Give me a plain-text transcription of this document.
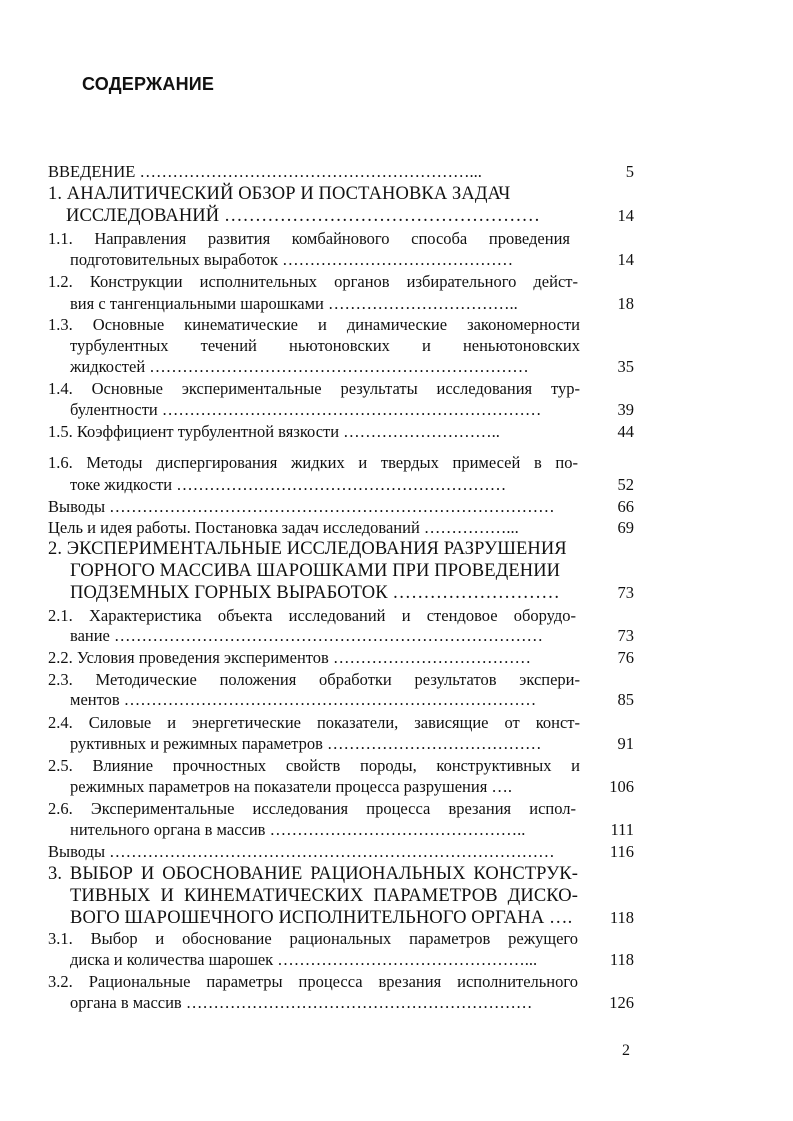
СОДЕРЖАНИЕ
ВВЕДЕНИЕ ……………………………………………………...	5
1. АНАЛИТИЧЕСКИЙ ОБЗОР И ПОСТАНОВКА ЗАДАЧ
ИССЛЕДОВАНИЙ ……………………………………………	14
1.1. Направления развития комбайнового способа проведения
подготовительных выработок ……………………………………	14
1.2. Конструкции исполнительных органов избирательного дейст-
вия с тангенциальными шарошками ……………………………..	18
1.3. Основные кинематические и динамические закономерности
турбулентных течений ньютоновских и неньютоновских
жидкостей ……………………………………………………………	35
1.4. Основные экспериментальные результаты исследования тур-
булентности ……………………………………………………………	39
1.5. Коэффициент турбулентной вязкости ………………………..	44
1.6. Методы диспергирования жидких и твердых примесей в по-
токе жидкости ……………………………………………………	52
Выводы ………………………………………………………………………	66
Цель и идея работы. Постановка задач исследований ……………...	69
2. ЭКСПЕРИМЕНТАЛЬНЫЕ ИССЛЕДОВАНИЯ РАЗРУШЕНИЯ
ГОРНОГО МАССИВА ШАРОШКАМИ ПРИ ПРОВЕДЕНИИ
ПОДЗЕМНЫХ ГОРНЫХ ВЫРАБОТОК ………………………	73
2.1. Характеристика объекта исследований и стендовое оборудо-
вание ……………………………………………………………………	73
2.2. Условия проведения экспериментов ………………………………	76
2.3. Методические положения обработки результатов экспери-
ментов …………………………………………………………………	85
2.4. Силовые и энергетические показатели, зависящие от конст-
руктивных и режимных параметров …………………………………	91
2.5. Влияние прочностных свойств породы, конструктивных и
режимных параметров на показатели процесса разрушения ….	106
2.6. Экспериментальные исследования процесса врезания испол-
нительного органа в массив ………………………………………..	111
Выводы ………………………………………………………………………	116
3. ВЫБОР И ОБОСНОВАНИЕ РАЦИОНАЛЬНЫХ КОНСТРУК-
ТИВНЫХ И КИНЕМАТИЧЕСКИХ ПАРАМЕТРОВ ДИСКО-
ВОГО ШАРОШЕЧНОГО ИСПОЛНИТЕЛЬНОГО ОРГАНА ….	118
3.1. Выбор и обоснование рациональных параметров режущего
диска и количества шарошек ………………………………………...	118
3.2. Рациональные параметры процесса врезания исполнительного
органа в массив ………………………………………………………	126
2
